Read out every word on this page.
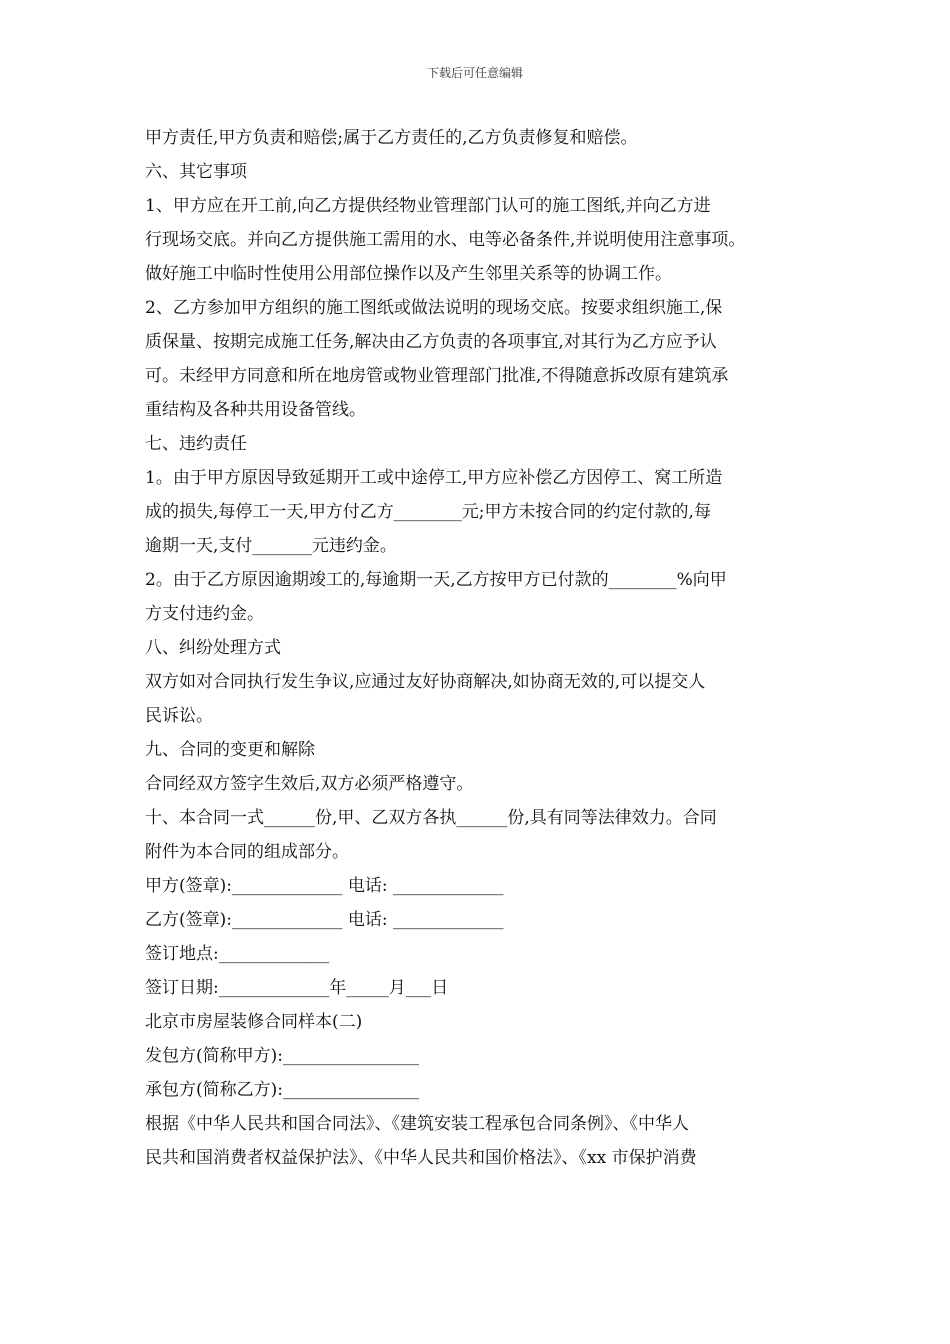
下载后可任意编辑
甲方责任,甲方负责和赔偿;属于乙方责任的,乙方负责修复和赔偿。
六、其它事项
1、甲方应在开工前,向乙方提供经物业管理部门认可的施工图纸,并向乙方进
行现场交底。并向乙方提供施工需用的水、电等必备条件,并说明使用注意事项。
做好施工中临时性使用公用部位操作以及产生邻里关系等的协调工作。
2、乙方参加甲方组织的施工图纸或做法说明的现场交底。按要求组织施工,保
质保量、按期完成施工任务,解决由乙方负责的各项事宜,对其行为乙方应予认
可。未经甲方同意和所在地房管或物业管理部门批准,不得随意拆改原有建筑承
重结构及各种共用设备管线。
七、违约责任
1。由于甲方原因导致延期开工或中途停工,甲方应补偿乙方因停工、窝工所造
成的损失,每停工一天,甲方付乙方________元;甲方未按合同的约定付款的,每
逾期一天,支付_______元违约金。
2。由于乙方原因逾期竣工的,每逾期一天,乙方按甲方已付款的________%向甲
方支付违约金。
八、纠纷处理方式
双方如对合同执行发生争议,应通过友好协商解决,如协商无效的,可以提交人
民诉讼。
九、合同的变更和解除
合同经双方签字生效后,双方必须严格遵守。
十、本合同一式______份,甲、乙双方各执______份,具有同等法律效力。合同
附件为本合同的组成部分。
甲方(签章):_____________ 电话: _____________
乙方(签章):_____________ 电话: _____________
签订地点:_____________
签订日期:_____________年_____月___日
北京市房屋装修合同样本(二)
发包方(简称甲方):________________
承包方(简称乙方):________________
根据《中华人民共和国合同法》、《建筑安装工程承包合同条例》、《中华人
民共和国消费者权益保护法》、《中华人民共和国价格法》、《xx 市保护消费
